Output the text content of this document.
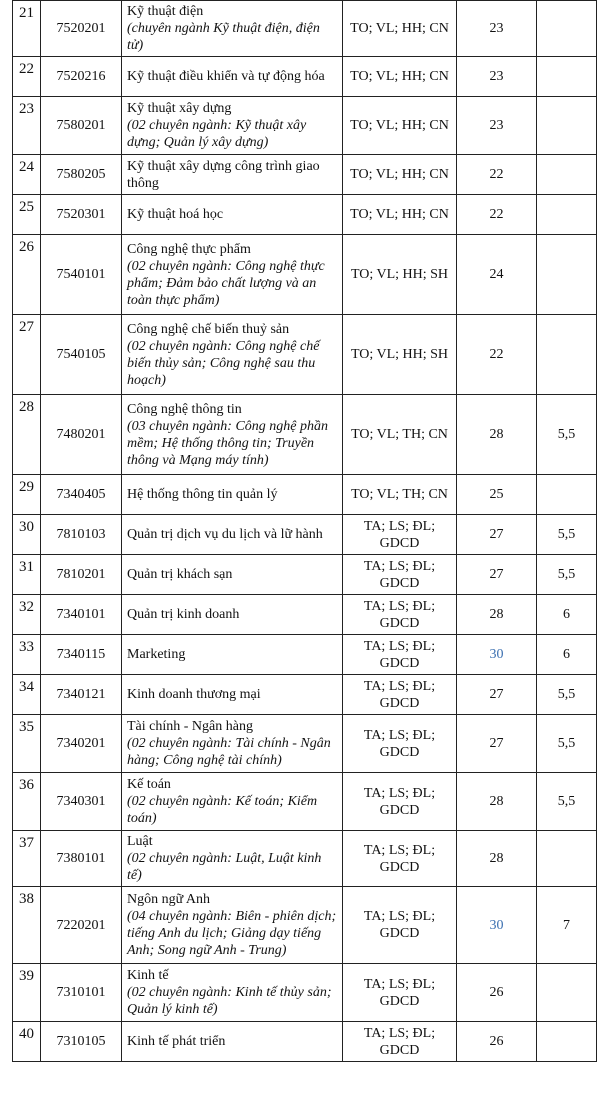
21	7520201	Kỹ thuật điện
(chuyên ngành Kỹ thuật điện, điện tử)	TO; VL; HH; CN	23	
22	7520216	Kỹ thuật điều khiển và tự động hóa	TO; VL; HH; CN	23	
23	7580201	Kỹ thuật xây dựng
(02 chuyên ngành: Kỹ thuật xây dựng; Quản lý xây dựng)	TO; VL; HH; CN	23	
24	7580205	Kỹ thuật xây dựng công trình giao thông	TO; VL; HH; CN	22	
25	7520301	Kỹ thuật hoá học	TO; VL; HH; CN	22	
26	7540101	Công nghệ thực phẩm
(02 chuyên ngành: Công nghệ thực phẩm; Đảm bảo chất lượng và an toàn thực phẩm)	TO; VL; HH; SH	24	
27	7540105	Công nghệ chế biến thuỷ sản
(02 chuyên ngành: Công nghệ chế biến thủy sản; Công nghệ sau thu hoạch)	TO; VL; HH; SH	22	
28	7480201	Công nghệ thông tin
(03 chuyên ngành: Công nghệ phần mềm; Hệ thống thông tin; Truyền thông và Mạng máy tính)	TO; VL; TH; CN	28	5,5
29	7340405	Hệ thống thông tin quản lý	TO; VL; TH; CN	25	
30	7810103	Quản trị dịch vụ du lịch và lữ hành	TA; LS; ĐL; GDCD	27	5,5
31	7810201	Quản trị khách sạn	TA; LS; ĐL; GDCD	27	5,5
32	7340101	Quản trị kinh doanh	TA; LS; ĐL; GDCD	28	6
33	7340115	Marketing	TA; LS; ĐL; GDCD	30	6
34	7340121	Kinh doanh thương mại	TA; LS; ĐL; GDCD	27	5,5
35	7340201	Tài chính - Ngân hàng
(02 chuyên ngành: Tài chính - Ngân hàng; Công nghệ tài chính)	TA; LS; ĐL; GDCD	27	5,5
36	7340301	Kế toán
(02 chuyên ngành: Kế toán; Kiểm toán)	TA; LS; ĐL; GDCD	28	5,5
37	7380101	Luật
(02 chuyên ngành: Luật, Luật kinh tế)	TA; LS; ĐL; GDCD	28	
38	7220201	Ngôn ngữ Anh
(04 chuyên ngành: Biên - phiên dịch; tiếng Anh du lịch; Giảng dạy tiếng Anh; Song ngữ Anh - Trung)	TA; LS; ĐL; GDCD	30	7
39	7310101	Kinh tế
(02 chuyên ngành: Kinh tế thủy sản; Quản lý kinh tế)	TA; LS; ĐL; GDCD	26	
40	7310105	Kinh tế phát triển	TA; LS; ĐL; GDCD	26	
